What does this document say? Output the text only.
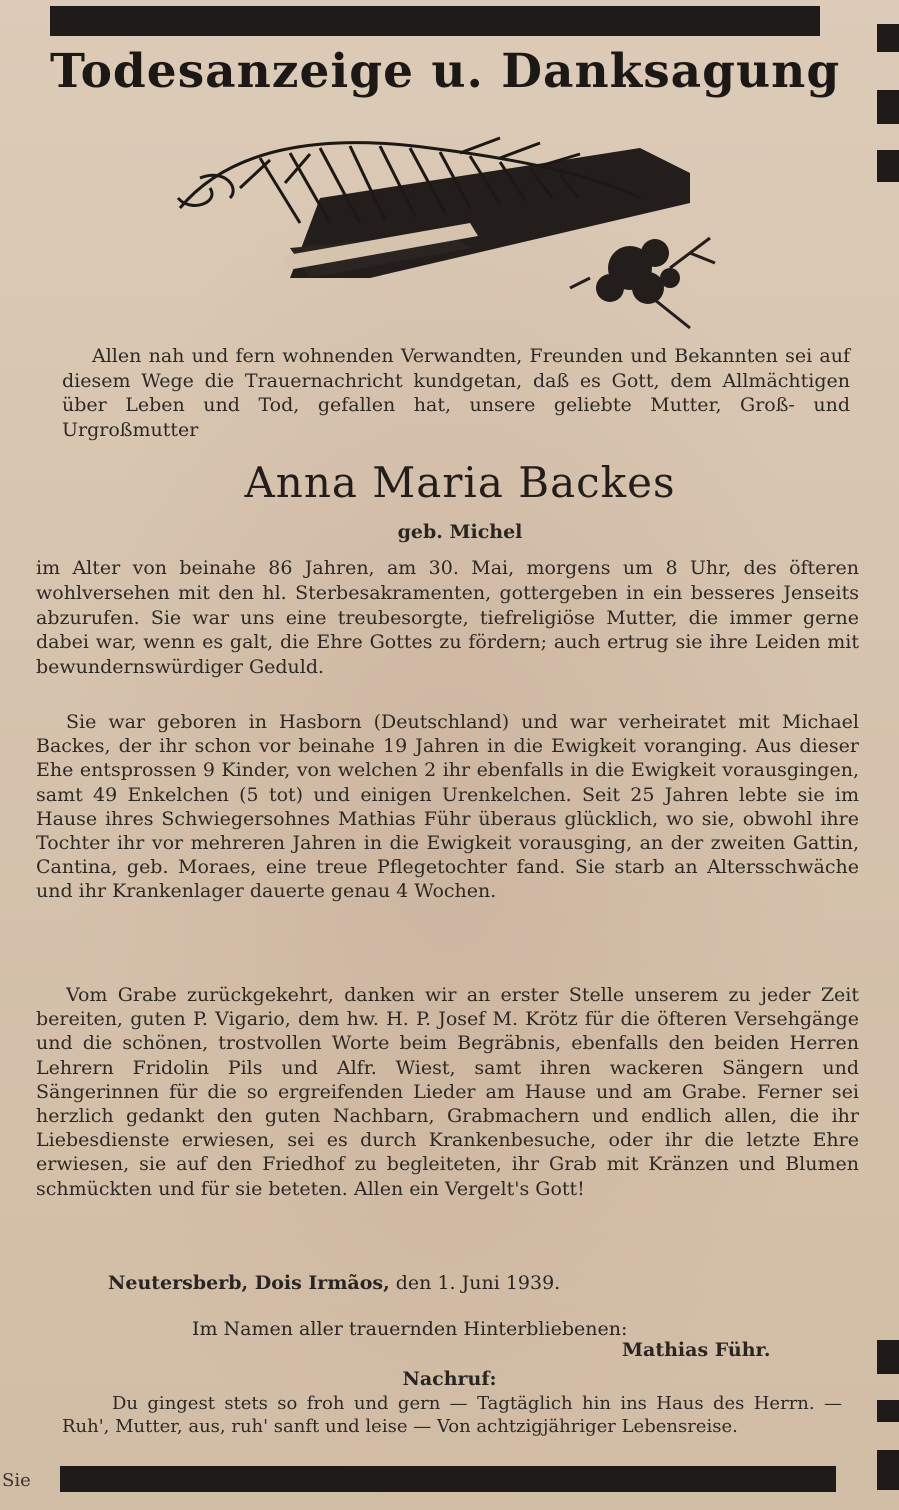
Todesanzeige u. Danksagung

Allen nah und fern wohnenden Verwandten, Freunden und Bekannten sei auf diesem Wege die Trauernachricht kundgetan, daß es Gott, dem Allmächtigen über Leben und Tod, gefallen hat, unsere geliebte Mutter, Groß- und Urgroßmutter

Anna Maria Backes
geb. Michel

im Alter von beinahe 86 Jahren, am 30. Mai, morgens um 8 Uhr, des öfteren wohlversehen mit den hl. Sterbesakramenten, gottergeben in ein besseres Jenseits abzurufen. Sie war uns eine treubesorgte, tiefreligiöse Mutter, die immer gerne dabei war, wenn es galt, die Ehre Gottes zu fördern; auch ertrug sie ihre Leiden mit bewundernswürdiger Geduld.

Sie war geboren in Hasborn (Deutschland) und war verheiratet mit Michael Backes, der ihr schon vor beinahe 19 Jahren in die Ewigkeit voranging. Aus dieser Ehe entsprossen 9 Kinder, von welchen 2 ihr ebenfalls in die Ewigkeit vorausgingen, samt 49 Enkelchen (5 tot) und einigen Urenkelchen. Seit 25 Jahren lebte sie im Hause ihres Schwiegersohnes Mathias Führ überaus glücklich, wo sie, obwohl ihre Tochter ihr vor mehreren Jahren in die Ewigkeit vorausging, an der zweiten Gattin, Cantina, geb. Moraes, eine treue Pflegetochter fand. Sie starb an Altersschwäche und ihr Krankenlager dauerte genau 4 Wochen.

Vom Grabe zurückgekehrt, danken wir an erster Stelle unserem zu jeder Zeit bereiten, guten P. Vigario, dem hw. H. P. Josef M. Krötz für die öfteren Versehgänge und die schönen, trostvollen Worte beim Begräbnis, ebenfalls den beiden Herren Lehrern Fridolin Pils und Alfr. Wiest, samt ihren wackeren Sängern und Sängerinnen für die so ergreifenden Lieder am Hause und am Grabe. Ferner sei herzlich gedankt den guten Nachbarn, Grabmachern und endlich allen, die ihr Liebesdienste erwiesen, sei es durch Krankenbesuche, oder ihr die letzte Ehre erwiesen, sie auf den Friedhof zu begleiteten, ihr Grab mit Kränzen und Blumen schmückten und für sie beteten. Allen ein Vergelt's Gott!

Neutersberb, Dois Irmãos, den 1. Juni 1939.
Im Namen aller trauernden Hinterbliebenen:
Mathias Führ.
Nachruf:

Du gingest stets so froh und gern — Tagtäglich hin ins Haus des Herrn. — Ruh', Mutter, aus, ruh' sanft und leise — Von achtzigjähriger Lebensreise.

Sie
